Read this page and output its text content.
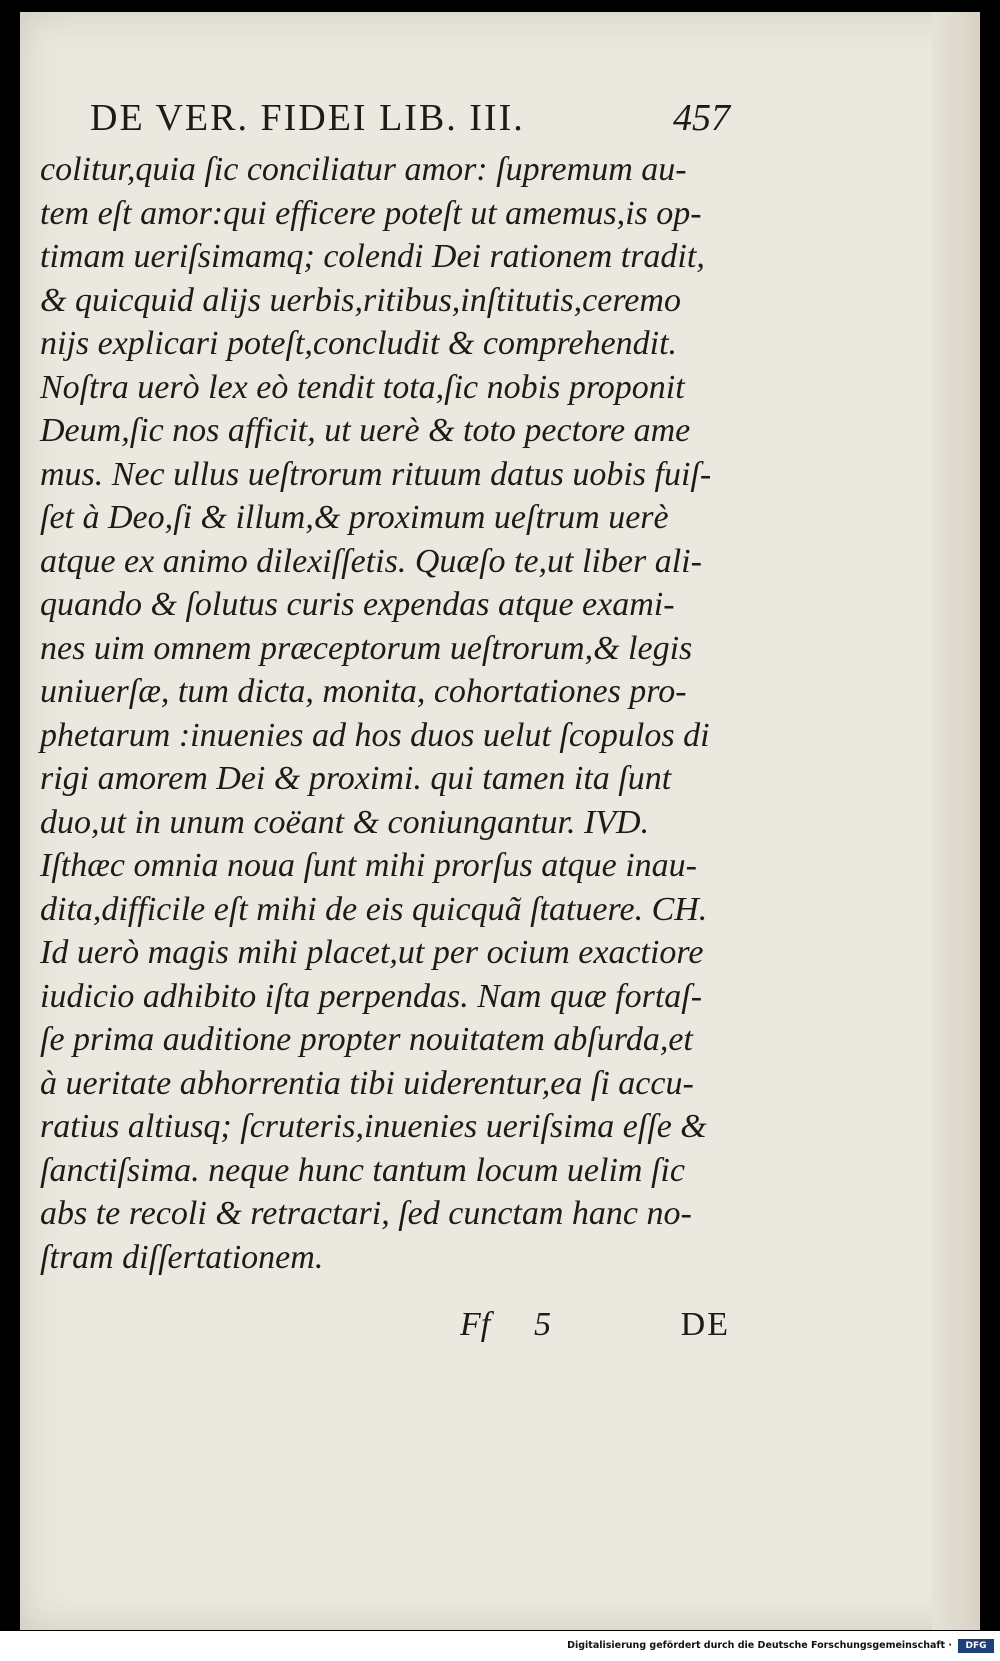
DE VER. FIDEI LIB. III.	457
colitur,quia ſic conciliatur amor: ſupremum au-
tem eſt amor:qui efficere poteſt ut amemus,is op-
timam ueriſsimamq; colendi Dei rationem tradit,
& quicquid alijs uerbis,ritibus,inſtitutis,ceremo
nijs explicari poteſt,concludit & comprehendit.
Noſtra uerò lex eò tendit tota,ſic nobis proponit
Deum,ſic nos afficit, ut uerè & toto pectore ame
mus. Nec ullus ueſtrorum rituum datus uobis fuiſ-
ſet à Deo,ſi & illum,& proximum ueſtrum uerè
atque ex animo dilexiſſetis. Quæſo te,ut liber ali-
quando & ſolutus curis expendas atque exami-
nes uim omnem præceptorum ueſtrorum,& legis
uniuerſæ, tum dicta, monita, cohortationes pro-
phetarum :inuenies ad hos duos uelut ſcopulos di
rigi amorem Dei & proximi. qui tamen ita ſunt
duo,ut in unum coëant & coniungantur. IVD.
Iſthæc omnia noua ſunt mihi prorſus atque inau-
dita,difficile eſt mihi de eis quicquã ſtatuere. CH.
Id uerò magis mihi placet,ut per ocium exactiore
iudicio adhibito iſta perpendas. Nam quæ fortaſ-
ſe prima auditione propter nouitatem abſurda,et
à ueritate abhorrentia tibi uiderentur,ea ſi accu-
ratius altiusq; ſcruteris,inuenies ueriſsima eſſe &
ſanctiſsima. neque hunc tantum locum uelim ſic
abs te recoli & retractari, ſed cunctam hanc no-
ſtram diſſertationem.
Ff 5	DE
Digitalisierung gefördert durch die Deutsche Forschungsgemeinschaft ·	DFG
